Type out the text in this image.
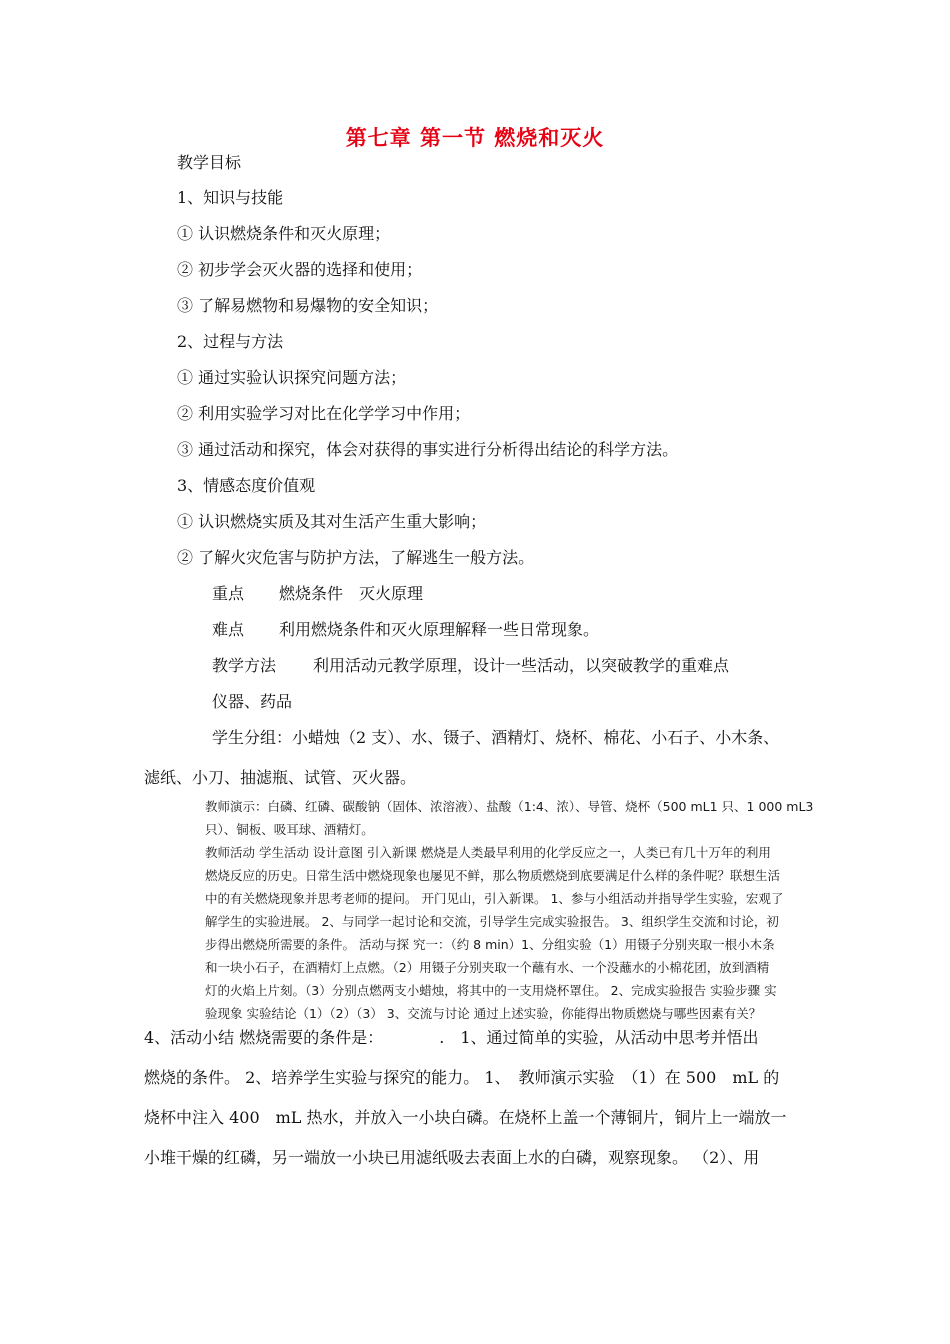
第七章 第一节 燃烧和灭火
教学目标
1、知识与技能
① 认识燃烧条件和灭火原理；
② 初步学会灭火器的选择和使用；
③ 了解易燃物和易爆物的安全知识；
2、过程与方法
① 通过实验认识探究问题方法；
② 利用实验学习对比在化学学习中作用；
③ 通过活动和探究，体会对获得的事实进行分析得出结论的科学方法。
3、情感态度价值观
① 认识燃烧实质及其对生活产生重大影响；
② 了解火灾危害与防护方法，了解逃生一般方法。
重点 燃烧条件　灭火原理
难点 利用燃烧条件和灭火原理解释一些日常现象。
教学方法 利用活动元教学原理，设计一些活动，以突破教学的重难点
仪器、药品
学生分组：小蜡烛（2 支）、水、镊子、酒精灯、烧杯、棉花、小石子、小木条、
滤纸、小刀、抽滤瓶、试管、灭火器。
教师演示：白磷、红磷、碳酸钠（固体、浓溶液）、盐酸（1:4、浓）、导管、烧杯（500 mL1 只、1 000 mL3
只）、铜板、吸耳球、酒精灯。
教师活动 学生活动 设计意图 引入新课 燃烧是人类最早利用的化学反应之一，人类已有几十万年的利用
燃烧反应的历史。日常生活中燃烧现象也屡见不鲜，那么物质燃烧到底要满足什么样的条件呢？联想生活
中的有关燃烧现象并思考老师的提问。 开门见山，引入新课。 1、参与小组活动并指导学生实验，宏观了
解学生的实验进展。 2、与同学一起讨论和交流，引导学生完成实验报告。 3、组织学生交流和讨论，初
步得出燃烧所需要的条件。 活动与探 究一：（约 8 min）1、分组实验（1）用镊子分别夹取一根小木条
和一块小石子，在酒精灯上点燃。（2）用镊子分别夹取一个蘸有水、一个没蘸水的小棉花团，放到酒精
灯的火焰上片刻。（3）分别点燃两支小蜡烛，将其中的一支用烧杯罩住。 2、完成实验报告 实验步骤 实
验现象 实验结论（1）（2）（3） 3、交流与讨论 通过上述实验，你能得出物质燃烧与哪些因素有关？
4、活动小结 燃烧需要的条件是：　　　　.　1、通过简单的实验，从活动中思考并悟出
燃烧的条件。 2、培养学生实验与探究的能力。 1、　教师演示实验　（1）在 500　mL 的
烧杯中注入 400　mL 热水，并放入一小块白磷。在烧杯上盖一个薄铜片，铜片上一端放一
小堆干燥的红磷，另一端放一小块已用滤纸吸去表面上水的白磷，观察现象。 （2）、用
